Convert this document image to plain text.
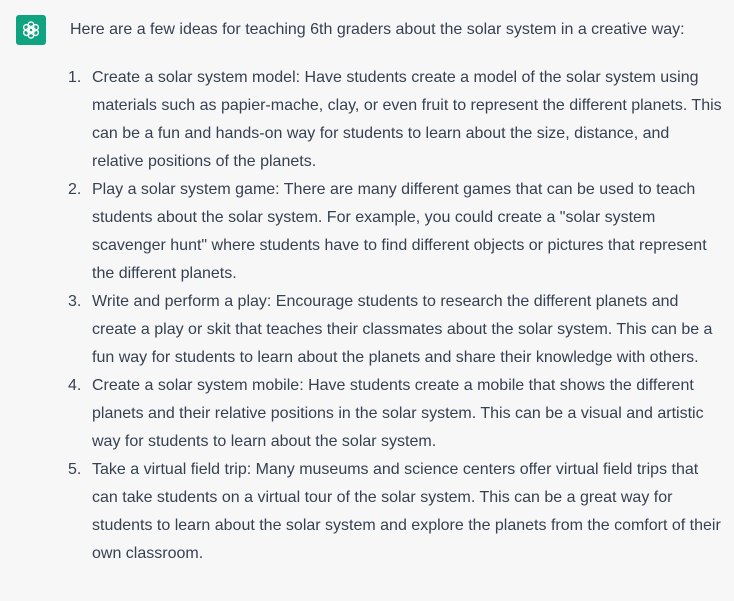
Here are a few ideas for teaching 6th graders about the solar system in a creative way:

1. Create a solar system model: Have students create a model of the solar system using materials such as papier-mache, clay, or even fruit to represent the different planets. This can be a fun and hands-on way for students to learn about the size, distance, and relative positions of the planets.
2. Play a solar system game: There are many different games that can be used to teach students about the solar system. For example, you could create a "solar system scavenger hunt" where students have to find different objects or pictures that represent the different planets.
3. Write and perform a play: Encourage students to research the different planets and create a play or skit that teaches their classmates about the solar system. This can be a fun way for students to learn about the planets and share their knowledge with others.
4. Create a solar system mobile: Have students create a mobile that shows the different planets and their relative positions in the solar system. This can be a visual and artistic way for students to learn about the solar system.
5. Take a virtual field trip: Many museums and science centers offer virtual field trips that can take students on a virtual tour of the solar system. This can be a great way for students to learn about the solar system and explore the planets from the comfort of their own classroom.
